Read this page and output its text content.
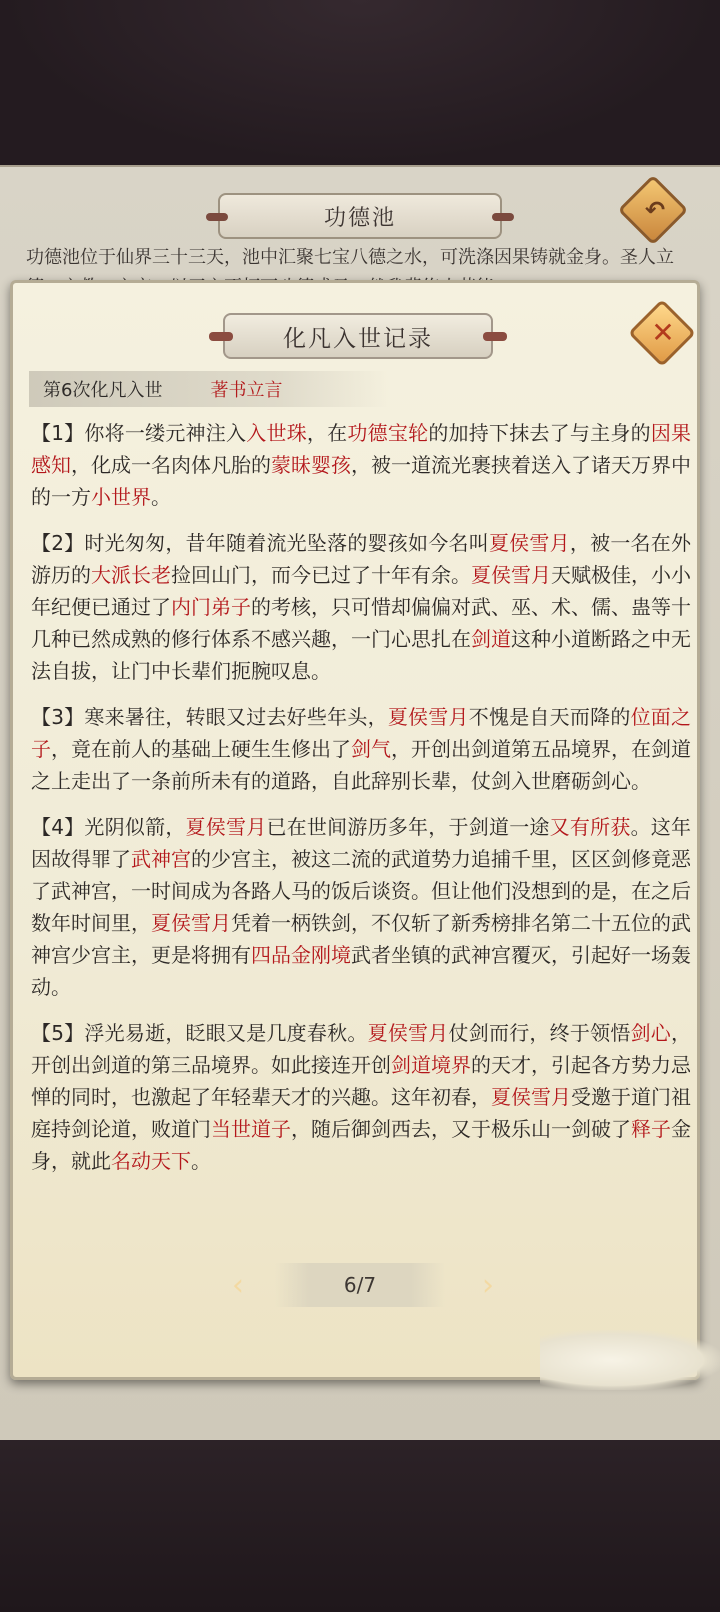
功德池	↶
功德池位于仙界三十三天，池中汇聚七宝八德之水，可洗涤因果铸就金身。圣人立
化凡入世记录	✕
第6次化凡入世	著书立言

【1】你将一缕元神注入入世珠，在功德宝轮的加持下抹去了与主身的因果感知，化成一名肉体凡胎的蒙昧婴孩，被一道流光裹挟着送入了诸天万界中的一方小世界。

【2】时光匆匆，昔年随着流光坠落的婴孩如今名叫夏侯雪月，被一名在外游历的大派长老捡回山门，而今已过了十年有余。夏侯雪月天赋极佳，小小年纪便已通过了内门弟子的考核，只可惜却偏偏对武、巫、术、儒、蛊等十几种已然成熟的修行体系不感兴趣，一门心思扎在剑道这种小道断路之中无法自拔，让门中长辈们扼腕叹息。

【3】寒来暑往，转眼又过去好些年头，夏侯雪月不愧是自天而降的位面之子，竟在前人的基础上硬生生修出了剑气，开创出剑道第五品境界，在剑道之上走出了一条前所未有的道路，自此辞别长辈，仗剑入世磨砺剑心。

【4】光阴似箭，夏侯雪月已在世间游历多年，于剑道一途又有所获。这年因故得罪了武神宫的少宫主，被这二流的武道势力追捕千里，区区剑修竟恶了武神宫，一时间成为各路人马的饭后谈资。但让他们没想到的是，在之后数年时间里，夏侯雪月凭着一柄铁剑，不仅斩了新秀榜排名第二十五位的武神宫少宫主，更是将拥有四品金刚境武者坐镇的武神宫覆灭，引起好一场轰动。

【5】浮光易逝，眨眼又是几度春秋。夏侯雪月仗剑而行，终于领悟剑心，开创出剑道的第三品境界。如此接连开创剑道境界的天才，引起各方势力忌惮的同时，也激起了年轻辈天才的兴趣。这年初春，夏侯雪月受邀于道门祖庭持剑论道，败道门当世道子，随后御剑西去，又于极乐山一剑破了释子金身，就此名动天下。

‹	6/7	›
